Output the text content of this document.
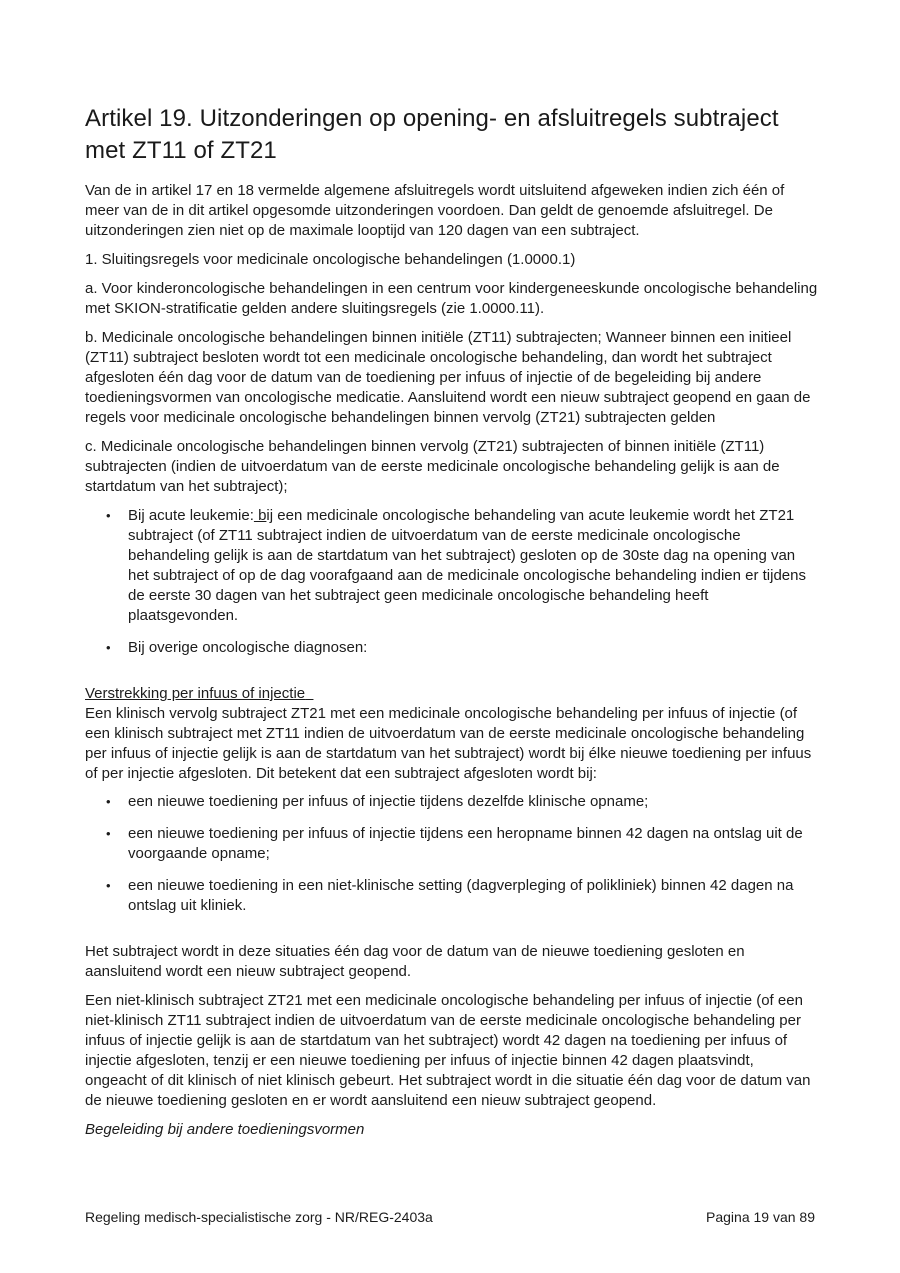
Artikel 19. Uitzonderingen op opening- en afsluitregels subtraject met ZT11 of ZT21

Van de in artikel 17 en 18 vermelde algemene afsluitregels wordt uitsluitend afgeweken indien zich één of meer van de in dit artikel opgesomde uitzonderingen voordoen. Dan geldt de genoemde afsluitregel. De uitzonderingen zien niet op de maximale looptijd van 120 dagen van een subtraject.

1. Sluitingsregels voor medicinale oncologische behandelingen (1.0000.1)

a. Voor kinderoncologische behandelingen in een centrum voor kindergeneeskunde oncologische behandeling met SKION-stratificatie gelden andere sluitingsregels (zie 1.0000.11).

b. Medicinale oncologische behandelingen binnen initiële (ZT11) subtrajecten; Wanneer binnen een initieel (ZT11) subtraject besloten wordt tot een medicinale oncologische behandeling, dan wordt het subtraject afgesloten één dag voor de datum van de toediening per infuus of injectie of de begeleiding bij andere toedieningsvormen van oncologische medicatie. Aansluitend wordt een nieuw subtraject geopend en gaan de regels voor medicinale oncologische behandelingen binnen vervolg (ZT21) subtrajecten gelden

c. Medicinale oncologische behandelingen binnen vervolg (ZT21) subtrajecten of binnen initiële (ZT11) subtrajecten (indien de uitvoerdatum van de eerste medicinale oncologische behandeling gelijk is aan de startdatum van het subtraject);

• Bij acute leukemie: bij een medicinale oncologische behandeling van acute leukemie wordt het ZT21 subtraject (of ZT11 subtraject indien de uitvoerdatum van de eerste medicinale oncologische behandeling gelijk is aan de startdatum van het subtraject) gesloten op de 30ste dag na opening van het subtraject of op de dag voorafgaand aan de medicinale oncologische behandeling indien er tijdens de eerste 30 dagen van het subtraject geen medicinale oncologische behandeling heeft plaatsgevonden.
• Bij overige oncologische diagnosen:

Verstrekking per infuus of injectie
Een klinisch vervolg subtraject ZT21 met een medicinale oncologische behandeling per infuus of injectie (of een klinisch subtraject met ZT11 indien de uitvoerdatum van de eerste medicinale oncologische behandeling per infuus of injectie gelijk is aan de startdatum van het subtraject) wordt bij élke nieuwe toediening per infuus of per injectie afgesloten. Dit betekent dat een subtraject afgesloten wordt bij:

• een nieuwe toediening per infuus of injectie tijdens dezelfde klinische opname;
• een nieuwe toediening per infuus of injectie tijdens een heropname binnen 42 dagen na ontslag uit de voorgaande opname;
• een nieuwe toediening in een niet-klinische setting (dagverpleging of polikliniek) binnen 42 dagen na ontslag uit kliniek.

Het subtraject wordt in deze situaties één dag voor de datum van de nieuwe toediening gesloten en aansluitend wordt een nieuw subtraject geopend.

Een niet-klinisch subtraject ZT21 met een medicinale oncologische behandeling per infuus of injectie (of een niet-klinisch ZT11 subtraject indien de uitvoerdatum van de eerste medicinale oncologische behandeling per infuus of injectie gelijk is aan de startdatum van het subtraject) wordt 42 dagen na toediening per infuus of injectie afgesloten, tenzij er een nieuwe toediening per infuus of injectie binnen 42 dagen plaatsvindt, ongeacht of dit klinisch of niet klinisch gebeurt. Het subtraject wordt in die situatie één dag voor de datum van de nieuwe toediening gesloten en er wordt aansluitend een nieuw subtraject geopend.

Begeleiding bij andere toedieningsvormen

Regeling medisch-specialistische zorg - NR/REG-2403a	Pagina 19 van 89
